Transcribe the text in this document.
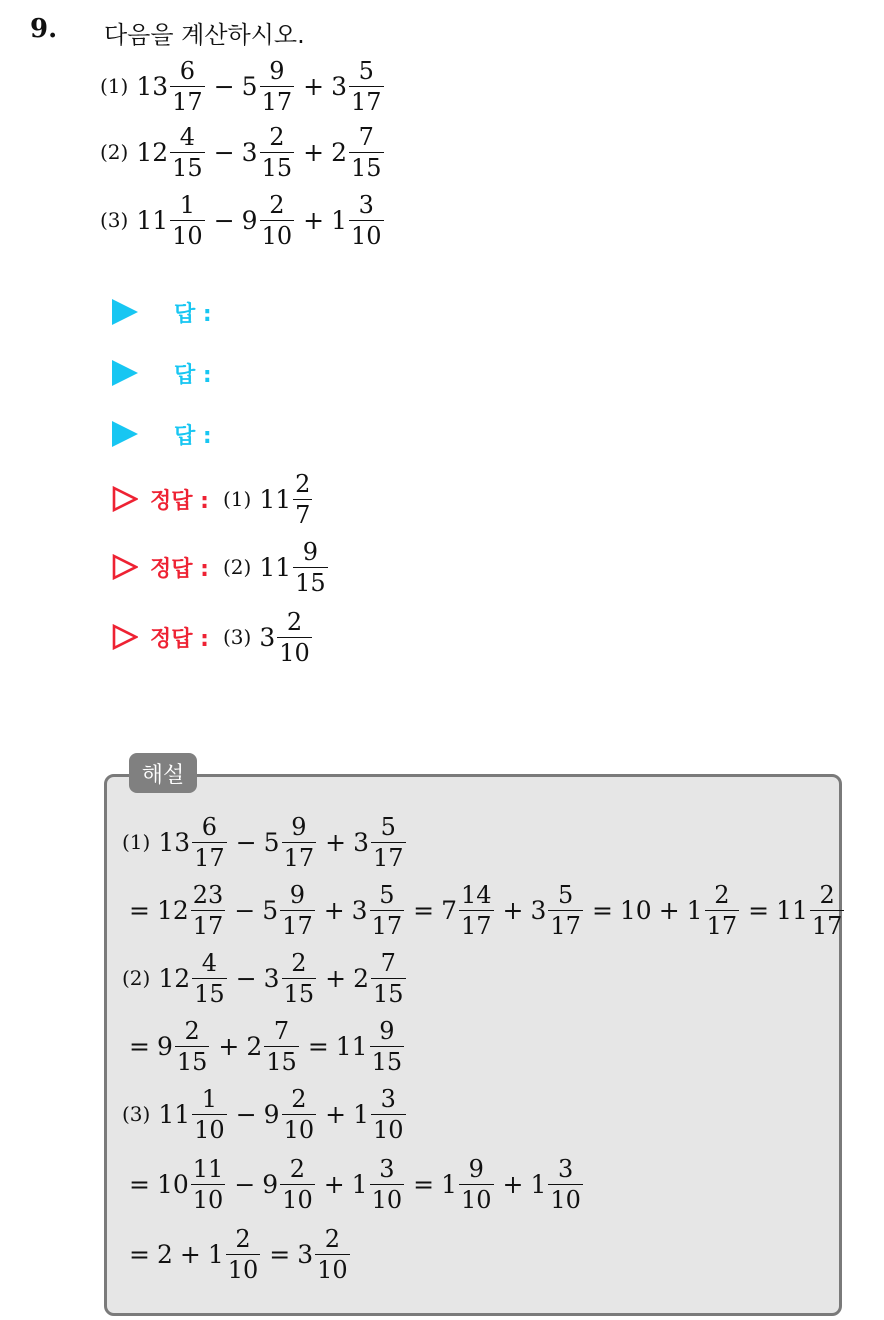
9. 다음을 계산하시오.
(1) $13 \frac{6}{17} - 5 \frac{9}{17} + 3 \frac{5}{17}$
(2) $12 \frac{4}{15} - 3 \frac{2}{15} + 2 \frac{7}{15}$
(3) $11 \frac{1}{10} - 9 \frac{2}{10} + 1 \frac{3}{10}$
답 :
답 :
답 :
정답 : (1) $11 \frac{2}{7}$
정답 : (2) $11 \frac{9}{15}$
정답 : (3) $3 \frac{2}{10}$
해설
(1) $13 \frac{6}{17} - 5 \frac{9}{17} + 3 \frac{5}{17}$
= $12 \frac{23}{17} - 5 \frac{9}{17} + 3 \frac{5}{17} = 7 \frac{14}{17} + 3 \frac{5}{17} = 10 + 1 \frac{2}{17} = 11 \frac{2}{17}$
(2) $12 \frac{4}{15} - 3 \frac{2}{15} + 2 \frac{7}{15}$
= $9 \frac{2}{15} + 2 \frac{7}{15} = 11 \frac{9}{15}$
(3) $11 \frac{1}{10} - 9 \frac{2}{10} + 1 \frac{3}{10}$
= $10 \frac{11}{10} - 9 \frac{2}{10} + 1 \frac{3}{10} = 1 \frac{9}{10} + 1 \frac{3}{10}$
= $2 + 1 \frac{2}{10} = 3 \frac{2}{10}$
